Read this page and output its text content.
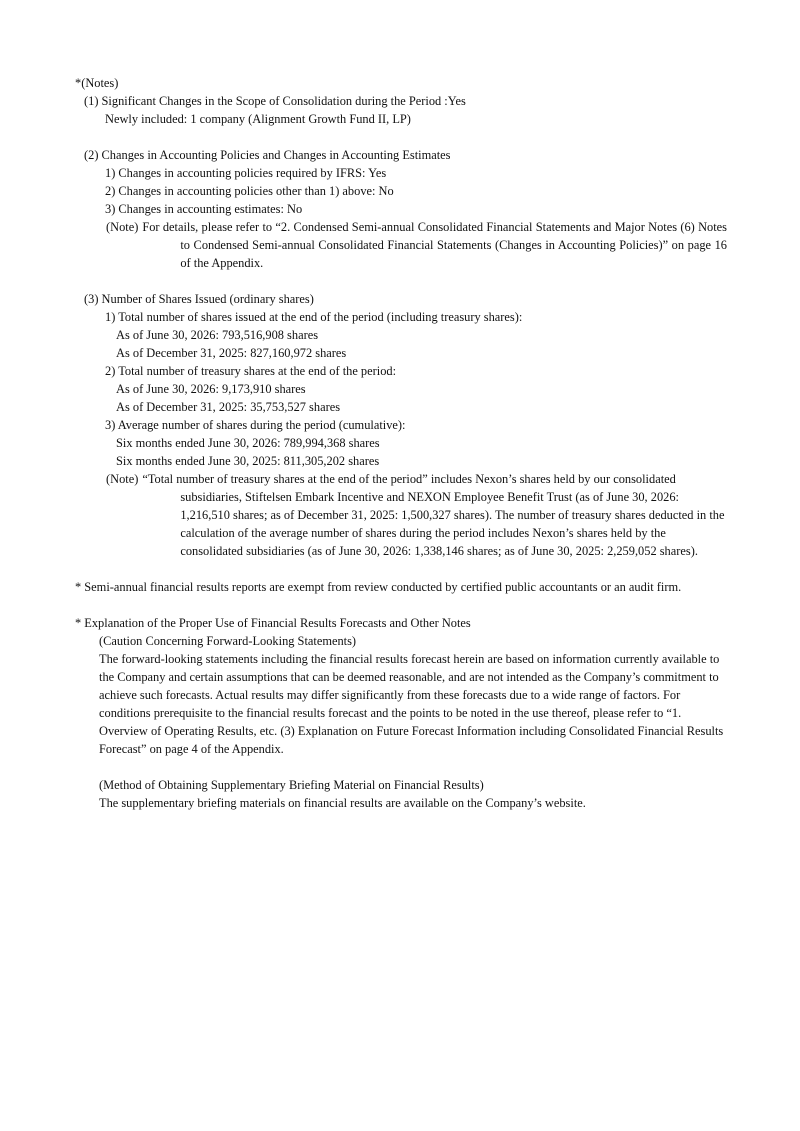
*(Notes)
(1) Significant Changes in the Scope of Consolidation during the Period :Yes
Newly included: 1 company (Alignment Growth Fund II, LP)
(2) Changes in Accounting Policies and Changes in Accounting Estimates
1) Changes in accounting policies required by IFRS: Yes
2) Changes in accounting policies other than 1) above: No
3) Changes in accounting estimates: No
(Note) For details, please refer to “2. Condensed Semi-annual Consolidated Financial Statements and Major Notes (6) Notes to Condensed Semi-annual Consolidated Financial Statements (Changes in Accounting Policies)” on page 16 of the Appendix.
(3) Number of Shares Issued (ordinary shares)
1) Total number of shares issued at the end of the period (including treasury shares):
As of June 30, 2026: 793,516,908 shares
As of December 31, 2025: 827,160,972 shares
2) Total number of treasury shares at the end of the period:
As of June 30, 2026: 9,173,910 shares
As of December 31, 2025: 35,753,527 shares
3) Average number of shares during the period (cumulative):
Six months ended June 30, 2026: 789,994,368 shares
Six months ended June 30, 2025: 811,305,202 shares
(Note) “Total number of treasury shares at the end of the period” includes Nexon’s shares held by our consolidated subsidiaries, Stiftelsen Embark Incentive and NEXON Employee Benefit Trust (as of June 30, 2026: 1,216,510 shares; as of December 31, 2025: 1,500,327 shares). The number of treasury shares deducted in the calculation of the average number of shares during the period includes Nexon’s shares held by the consolidated subsidiaries (as of June 30, 2026: 1,338,146 shares; as of June 30, 2025: 2,259,052 shares).
* Semi-annual financial results reports are exempt from review conducted by certified public accountants or an audit firm.
* Explanation of the Proper Use of Financial Results Forecasts and Other Notes
(Caution Concerning Forward-Looking Statements)
The forward-looking statements including the financial results forecast herein are based on information currently available to the Company and certain assumptions that can be deemed reasonable, and are not intended as the Company’s commitment to achieve such forecasts. Actual results may differ significantly from these forecasts due to a wide range of factors. For conditions prerequisite to the financial results forecast and the points to be noted in the use thereof, please refer to “1. Overview of Operating Results, etc. (3) Explanation on Future Forecast Information including Consolidated Financial Results Forecast” on page 4 of the Appendix.
(Method of Obtaining Supplementary Briefing Material on Financial Results)
The supplementary briefing materials on financial results are available on the Company’s website.
